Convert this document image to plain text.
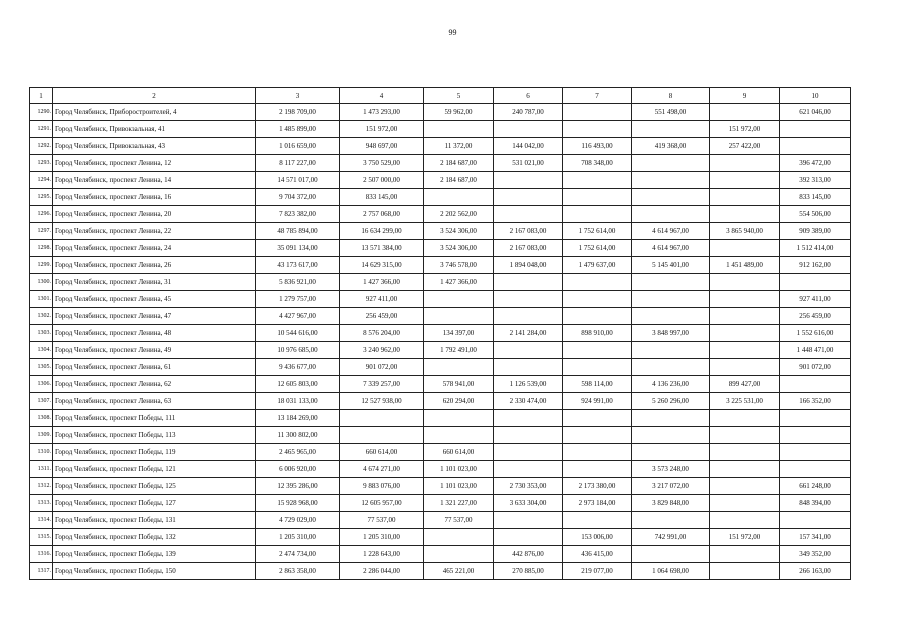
99
1	2	3	4	5	6	7	8	9	10
1290.	Город Челябинск, Приборостроителей, 4	2 198 709,00	1 473 293,00	59 962,00	240 787,00		551 498,00		621 046,00
1291.	Город Челябинск, Привокзальная, 41	1 485 899,00	151 972,00					151 972,00	
1292.	Город Челябинск, Привокзальная, 43	1 016 659,00	948 697,00	11 372,00	144 042,00	116 493,00	419 368,00	257 422,00	
1293.	Город Челябинск, проспект Ленина, 12	8 117 227,00	3 750 529,00	2 184 687,00	531 021,00	708 348,00			396 472,00
1294.	Город Челябинск, проспект Ленина, 14	14 571 017,00	2 507 000,00	2 184 687,00					392 313,00
1295.	Город Челябинск, проспект Ленина, 16	9 704 372,00	833 145,00						833 145,00
1296.	Город Челябинск, проспект Ленина, 20	7 823 382,00	2 757 068,00	2 202 562,00					554 506,00
1297.	Город Челябинск, проспект Ленина, 22	48 785 894,00	16 634 299,00	3 524 306,00	2 167 083,00	1 752 614,00	4 614 967,00	3 865 940,00	909 389,00
1298.	Город Челябинск, проспект Ленина, 24	35 091 134,00	13 571 384,00	3 524 306,00	2 167 083,00	1 752 614,00	4 614 967,00		1 512 414,00
1299.	Город Челябинск, проспект Ленина, 26	43 173 617,00	14 629 315,00	3 746 578,00	1 894 048,00	1 479 637,00	5 145 401,00	1 451 489,00	912 162,00
1300.	Город Челябинск, проспект Ленина, 31	5 836 921,00	1 427 366,00	1 427 366,00					
1301.	Город Челябинск, проспект Ленина, 45	1 279 757,00	927 411,00						927 411,00
1302.	Город Челябинск, проспект Ленина, 47	4 427 967,00	256 459,00						256 459,00
1303.	Город Челябинск, проспект Ленина, 48	10 544 616,00	8 576 204,00	134 397,00	2 141 284,00	898 910,00	3 848 997,00		1 552 616,00
1304.	Город Челябинск, проспект Ленина, 49	10 976 685,00	3 240 962,00	1 792 491,00					1 448 471,00
1305.	Город Челябинск, проспект Ленина, 61	9 436 677,00	901 072,00						901 072,00
1306.	Город Челябинск, проспект Ленина, 62	12 605 803,00	7 339 257,00	578 941,00	1 126 539,00	598 114,00	4 136 236,00	899 427,00	
1307.	Город Челябинск, проспект Ленина, 63	18 031 133,00	12 527 938,00	620 294,00	2 330 474,00	924 991,00	5 260 296,00	3 225 531,00	166 352,00
1308.	Город Челябинск, проспект Победы, 111	13 184 269,00							
1309.	Город Челябинск, проспект Победы, 113	11 300 802,00							
1310.	Город Челябинск, проспект Победы, 119	2 465 965,00	660 614,00	660 614,00					
1311.	Город Челябинск, проспект Победы, 121	6 006 920,00	4 674 271,00	1 101 023,00			3 573 248,00		
1312.	Город Челябинск, проспект Победы, 125	12 395 286,00	9 883 076,00	1 101 023,00	2 730 353,00	2 173 380,00	3 217 072,00		661 248,00
1313.	Город Челябинск, проспект Победы, 127	15 928 968,00	12 605 957,00	1 321 227,00	3 633 304,00	2 973 184,00	3 829 848,00		848 394,00
1314.	Город Челябинск, проспект Победы, 131	4 729 029,00	77 537,00	77 537,00					
1315.	Город Челябинск, проспект Победы, 132	1 205 310,00	1 205 310,00			153 006,00	742 991,00	151 972,00	157 341,00
1316.	Город Челябинск, проспект Победы, 139	2 474 734,00	1 228 643,00		442 876,00	436 415,00			349 352,00
1317.	Город Челябинск, проспект Победы, 150	2 863 358,00	2 286 044,00	465 221,00	270 885,00	219 077,00	1 064 698,00		266 163,00
